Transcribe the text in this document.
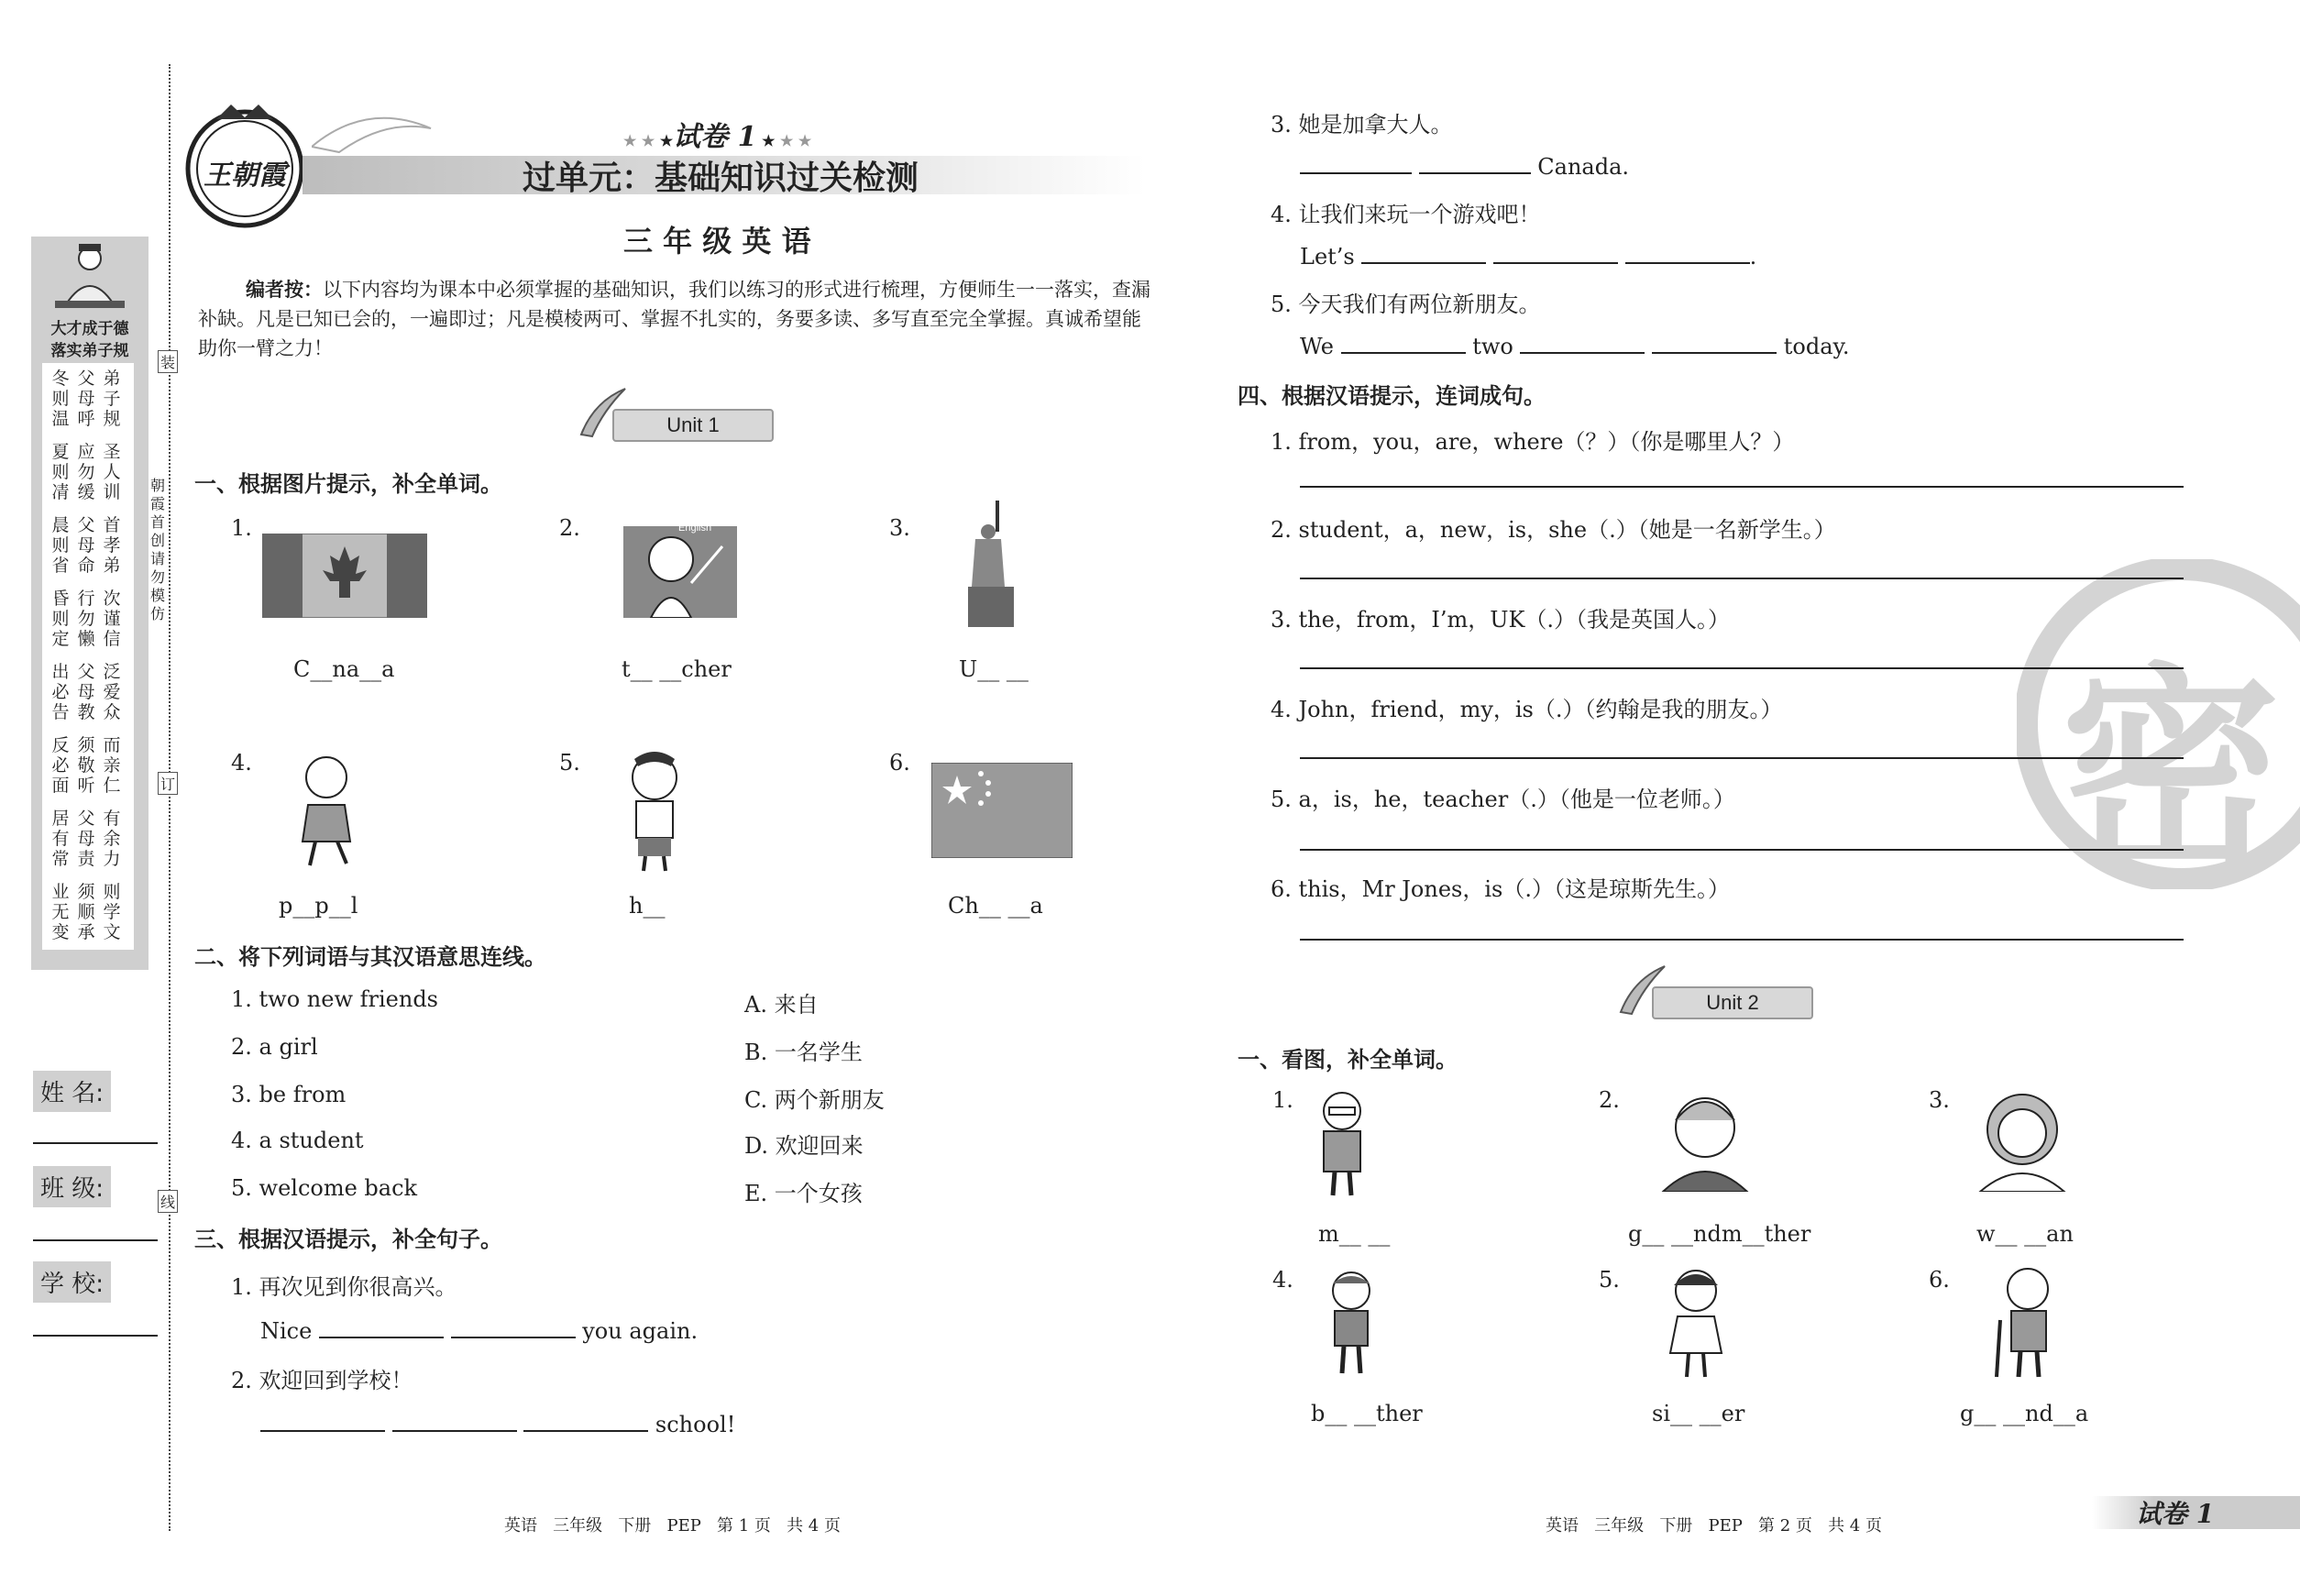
大才成于德
落实弟子规
冬则温父母呼弟子规
夏则凊应勿缓圣人训
晨则省父母命首孝弟
昏则定行勿懒次谨信
出必告父母教泛爱众
反必面须敬听而亲仁
居有常父母责有余力
业无变须顺承则学文
朝霞首创 请勿模仿
装
订
线
姓 名:
班 级:
学 校:
王朝霞
★ ★ ★试卷 1 ★ ★ ★
过单元：基础知识过关检测
三 年 级 英 语
编者按：以下内容均为课本中必须掌握的基础知识，我们以练习的形式进行梳理，方便师生一一落实，查漏补缺。凡是已知已会的，一遍即过；凡是模棱两可、掌握不扎实的，务要多读、多写直至完全掌握。真诚希望能助你一臂之力！
Unit 1
一、根据图片提示，补全单词。
1.
C__na__a
2.	English
t__ __cher
3.
U__ __
4.
p__p__l
5.
h__
6.
Ch__ __a
二、将下列词语与其汉语意思连线。
1. two new friends
2. a girl
3. be from
4. a student
5. welcome back
A. 来自
B. 一名学生
C. 两个新朋友
D. 欢迎回来
E. 一个女孩
三、根据汉语提示，补全句子。
1. 再次见到你很高兴。
Nice	you again.
2. 欢迎回到学校！
school!
英语   三年级   下册   PEP   第 1 页   共 4 页
密
3. 她是加拿大人。
Canada.
4. 让我们来玩一个游戏吧！
Let’s	.
5. 今天我们有两位新朋友。
We	two	today.
四、根据汉语提示，连词成句。
1. from，you，are，where（？）（你是哪里人？）
2. student，a，new，is，she（.）（她是一名新学生。）
3. the，from，I’m，UK（.）（我是英国人。）
4. John，friend，my，is（.）（约翰是我的朋友。）
5. a，is，he，teacher（.）（他是一位老师。）
6. this，Mr Jones，is（.）（这是琼斯先生。）
Unit 2
一、看图，补全单词。
1.
m__ __
2.
g__ __ndm__ther
3.
w__ __an
4.
b__ __ther
5.
si__ __er
6.
g__ __nd__a
英语   三年级   下册   PEP   第 2 页   共 4 页	试卷 1
